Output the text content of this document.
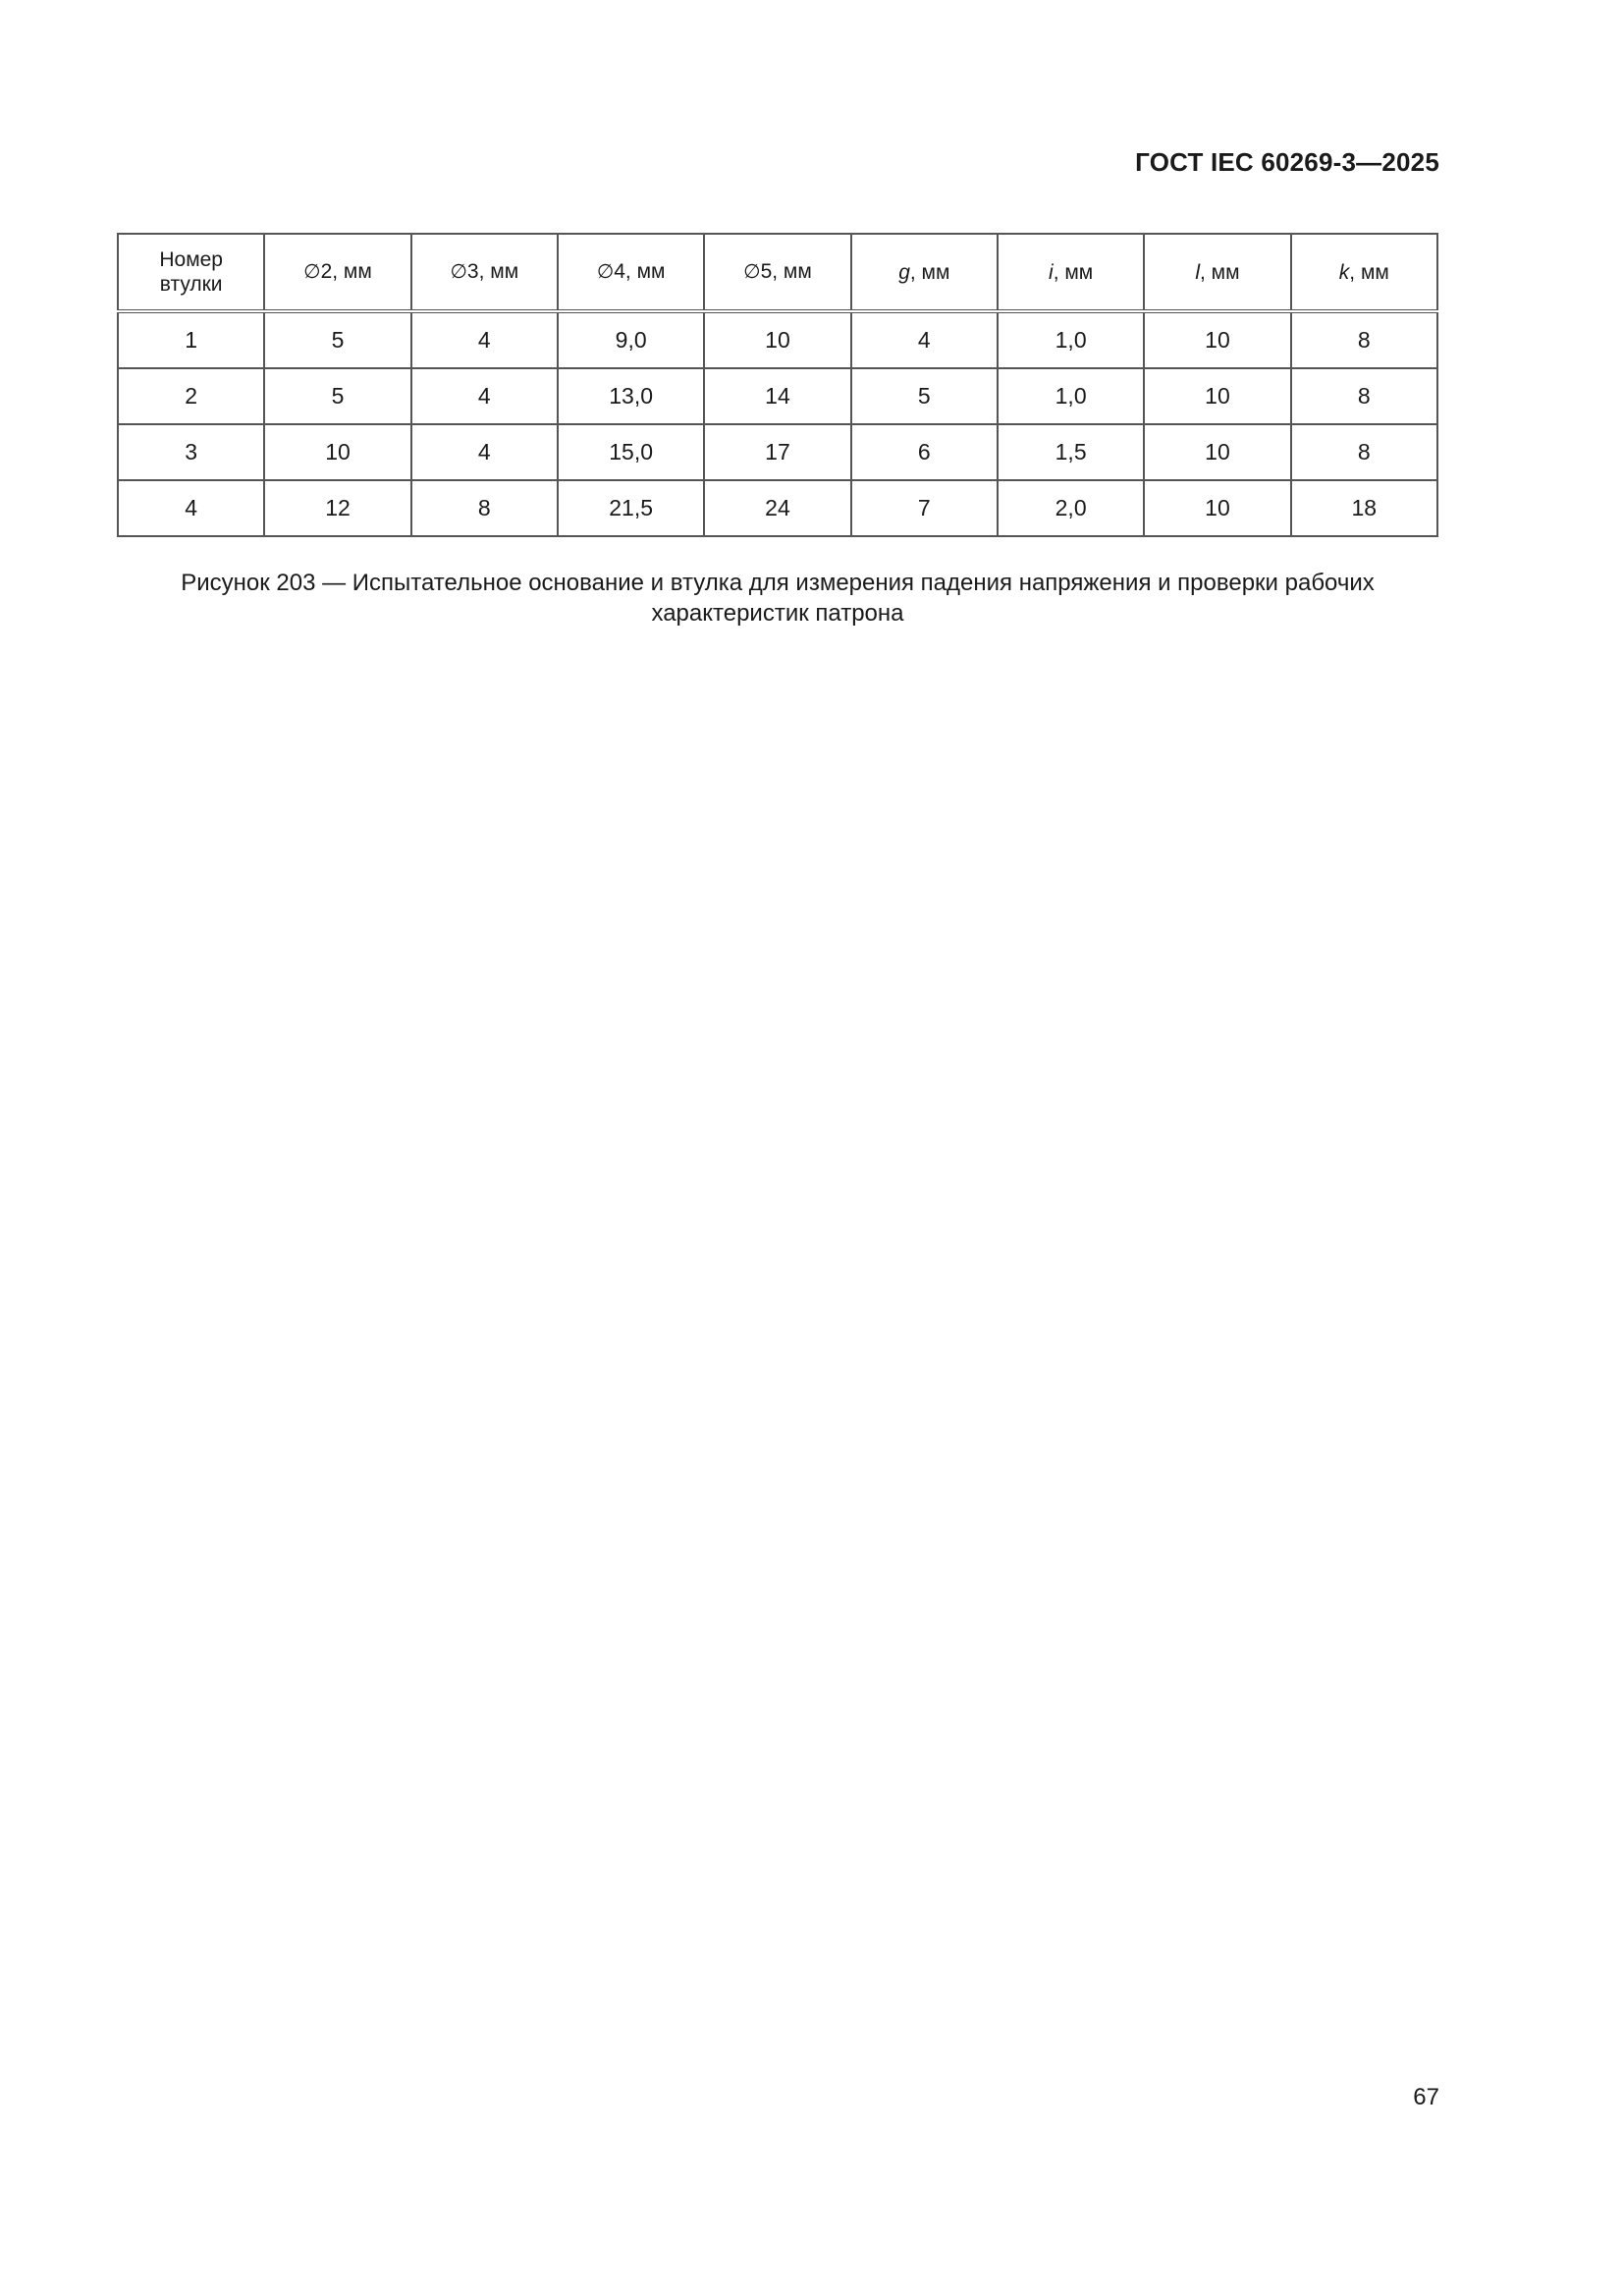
ГОСТ IEC 60269-3—2025
Номер
втулки	∅2, мм	∅3, мм	∅4, мм	∅5, мм	g, мм	i, мм	l, мм	k, мм
1	5	4	9,0	10	4	1,0	10	8
2	5	4	13,0	14	5	1,0	10	8
3	10	4	15,0	17	6	1,5	10	8
4	12	8	21,5	24	7	2,0	10	18
Рисунок 203 — Испытательное основание и втулка для измерения падения напряжения и проверки рабочих
характеристик патрона
67
